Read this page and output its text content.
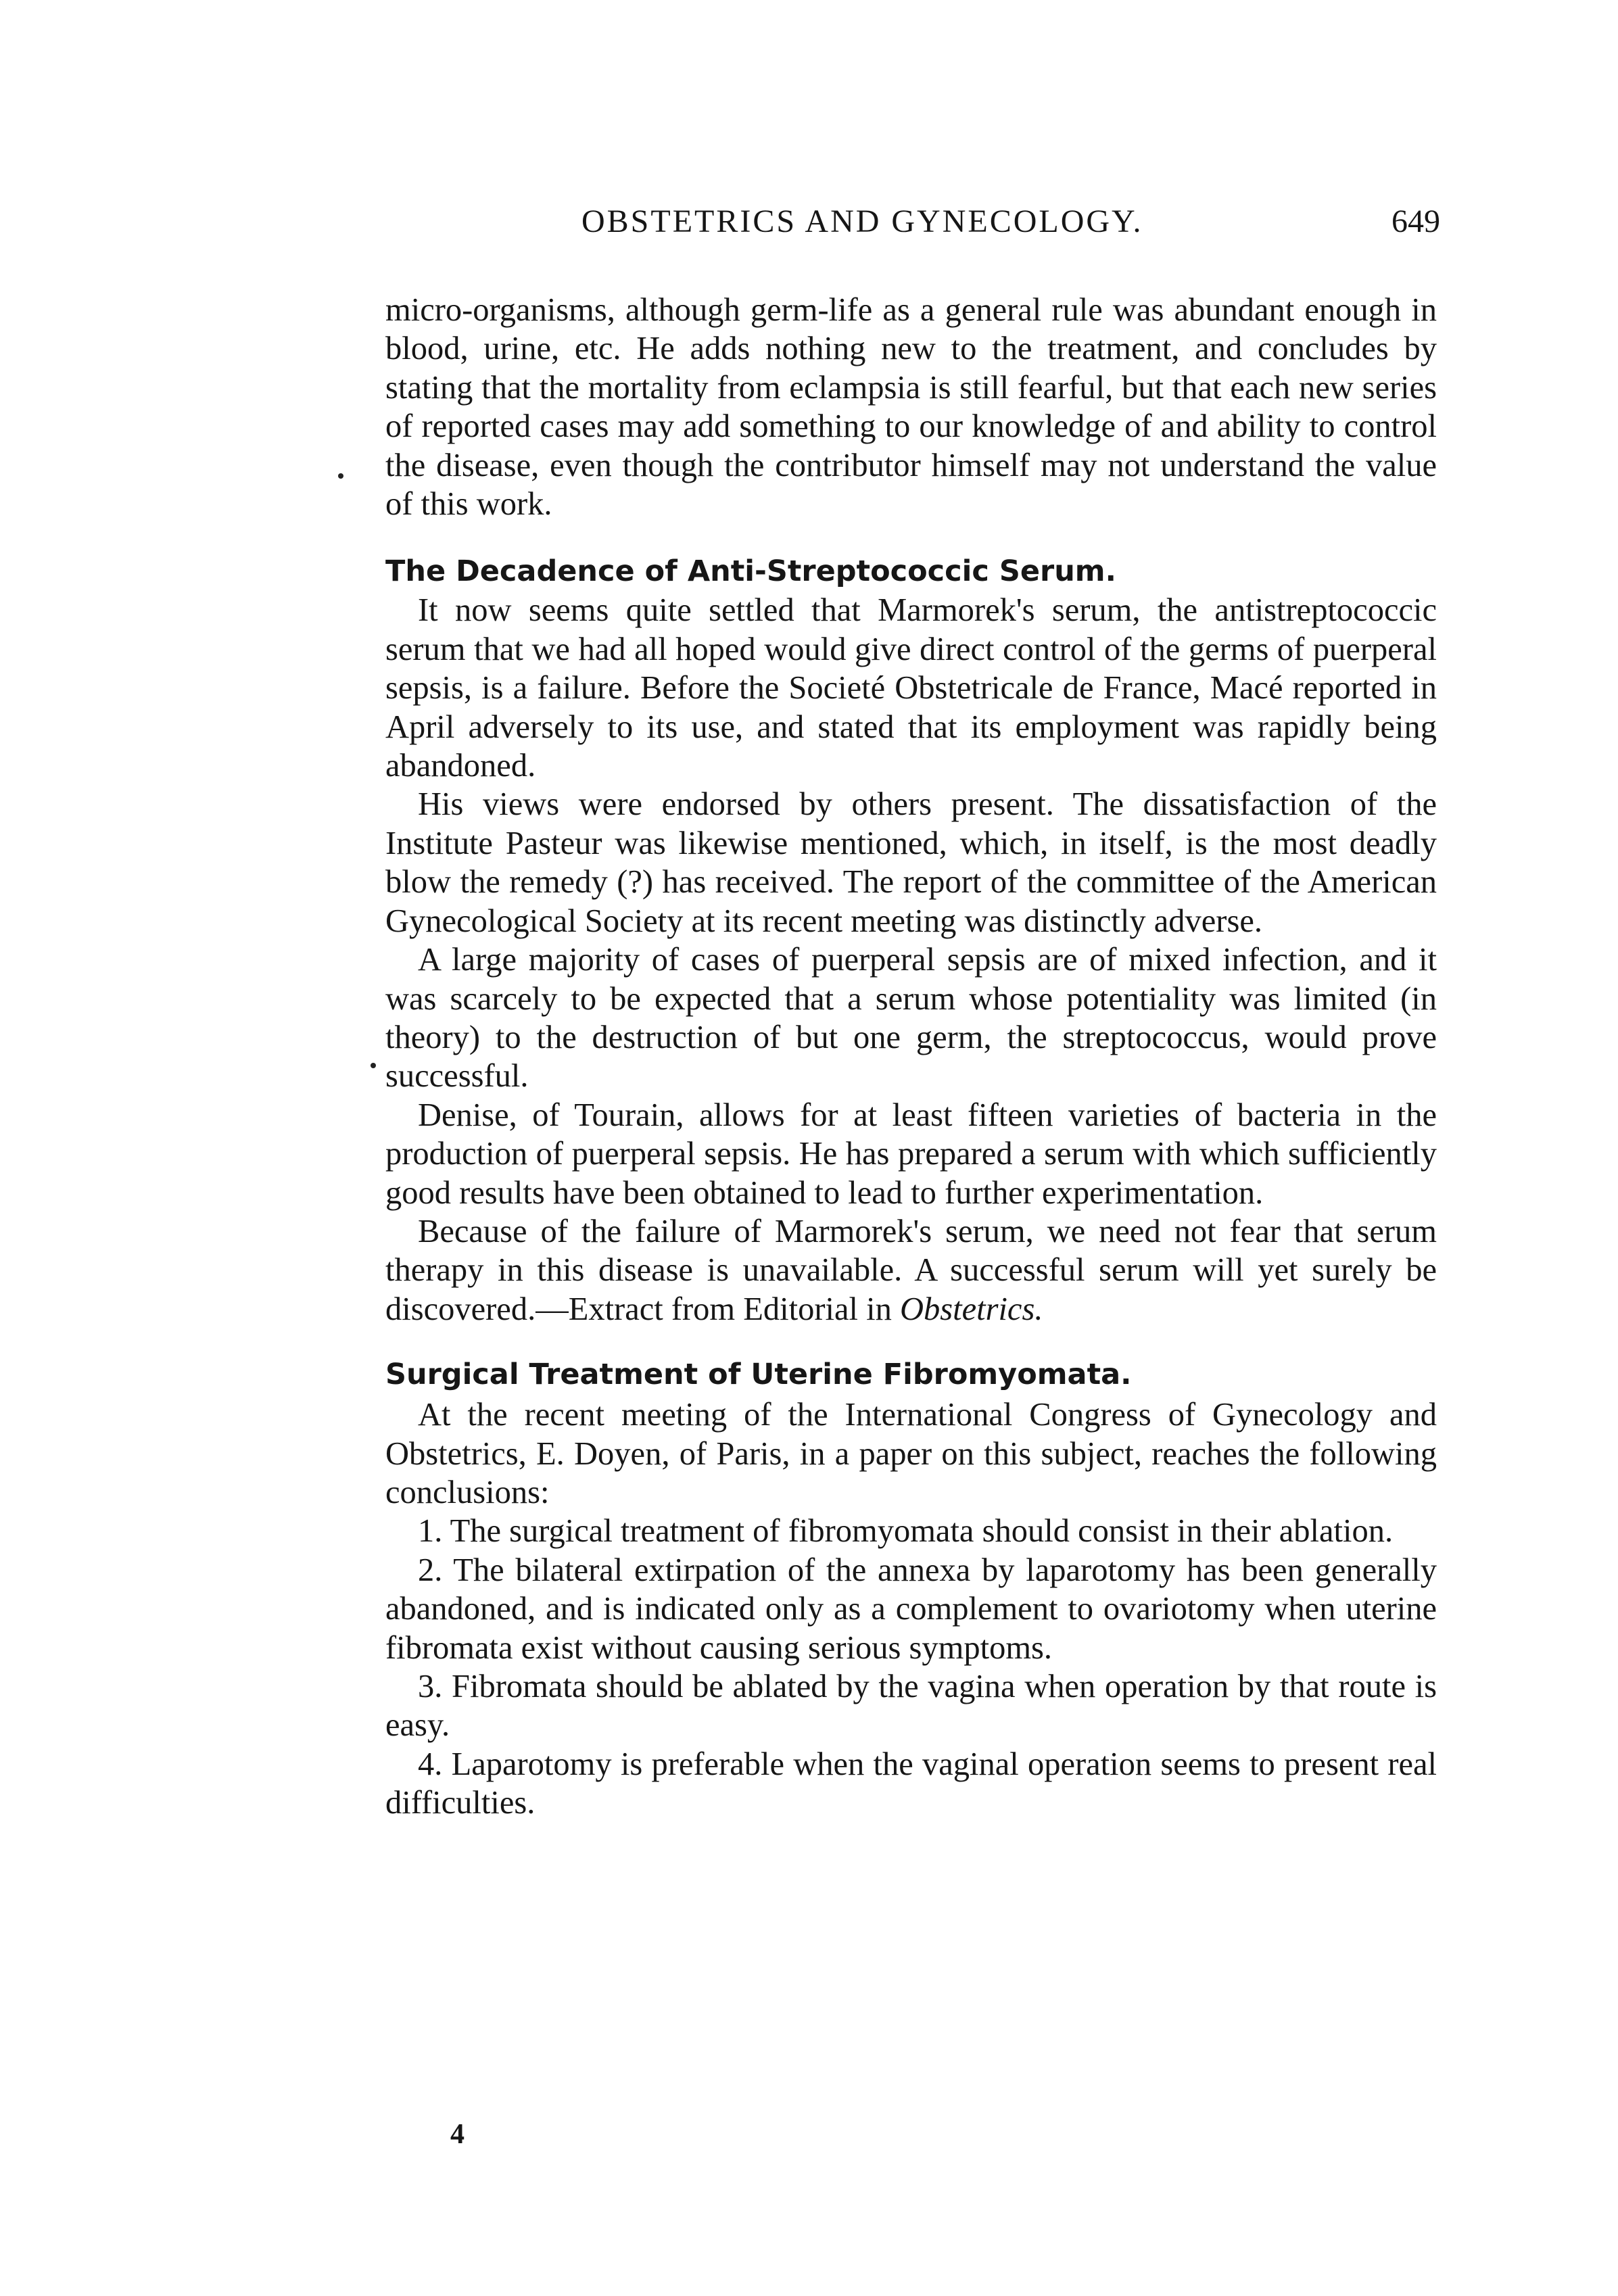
OBSTETRICS AND GYNECOLOGY.	649

micro-organisms, although germ-life as a general rule was abundant enough in blood, urine, etc. He adds nothing new to the treatment, and concludes by stating that the mortality from eclampsia is still fearful, but that each new series of reported cases may add something to our knowledge of and ability to control the disease, even though the contributor himself may not understand the value of this work.

The Decadence of Anti-Streptococcic Serum.

It now seems quite settled that Marmorek's serum, the antistreptococcic serum that we had all hoped would give direct control of the germs of puerperal sepsis, is a failure. Before the Societé Obstetricale de France, Macé reported in April adversely to its use, and stated that its employment was rapidly being abandoned.

His views were endorsed by others present. The dissatisfaction of the Institute Pasteur was likewise mentioned, which, in itself, is the most deadly blow the remedy (?) has received. The report of the committee of the American Gynecological Society at its recent meeting was distinctly adverse.

A large majority of cases of puerperal sepsis are of mixed infection, and it was scarcely to be expected that a serum whose potentiality was limited (in theory) to the destruction of but one germ, the streptococcus, would prove successful.

Denise, of Tourain, allows for at least fifteen varieties of bacteria in the production of puerperal sepsis. He has prepared a serum with which sufficiently good results have been obtained to lead to further experimentation.

Because of the failure of Marmorek's serum, we need not fear that serum therapy in this disease is unavailable. A successful serum will yet surely be discovered.—Extract from Editorial in Obstetrics.

Surgical Treatment of Uterine Fibromyomata.

At the recent meeting of the International Congress of Gynecology and Obstetrics, E. Doyen, of Paris, in a paper on this subject, reaches the following conclusions:

1. The surgical treatment of fibromyomata should consist in their ablation.

2. The bilateral extirpation of the annexa by laparotomy has been generally abandoned, and is indicated only as a complement to ovariotomy when uterine fibromata exist without causing serious symptoms.

3. Fibromata should be ablated by the vagina when operation by that route is easy.

4. Laparotomy is preferable when the vaginal operation seems to present real difficulties.

4
